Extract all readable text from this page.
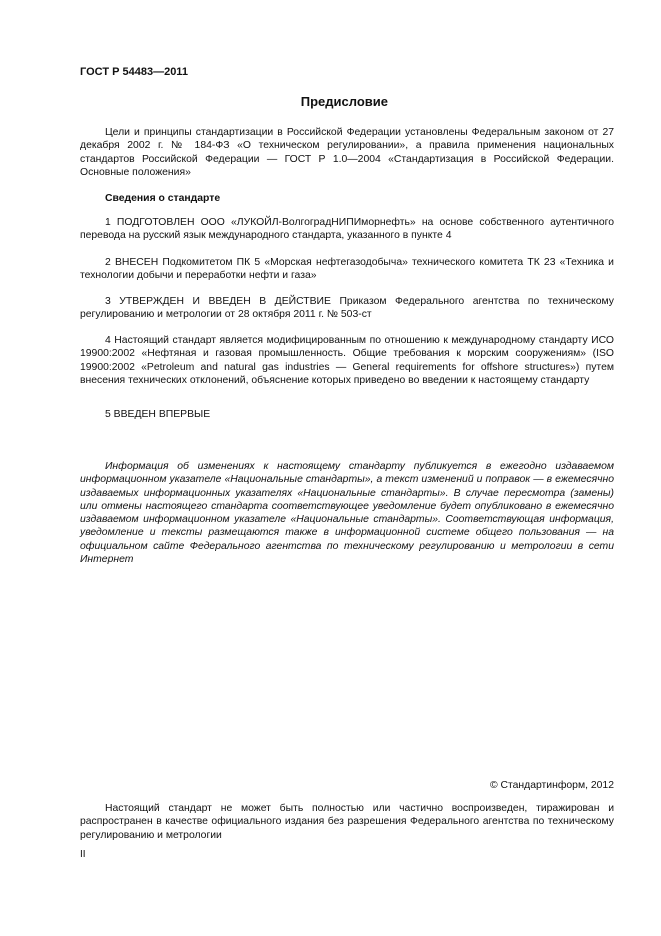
ГОСТ Р 54483—2011
Предисловие
Цели и принципы стандартизации в Российской Федерации установлены Федеральным законом от 27 декабря 2002 г. № 184-ФЗ «О техническом регулировании», а правила применения национальных стандартов Российской Федерации — ГОСТ Р 1.0—2004 «Стандартизация в Российской Федерации. Основные положения»
Сведения о стандарте
1 ПОДГОТОВЛЕН ООО «ЛУКОЙЛ-ВолгоградНИПИморнефть» на основе собственного аутентичного перевода на русский язык международного стандарта, указанного в пункте 4
2 ВНЕСЕН Подкомитетом ПК 5 «Морская нефтегазодобыча» технического комитета ТК 23 «Техника и технологии добычи и переработки нефти и газа»
3 УТВЕРЖДЕН И ВВЕДЕН В ДЕЙСТВИЕ Приказом Федерального агентства по техническому регулированию и метрологии от 28 октября 2011 г. № 503-ст
4 Настоящий стандарт является модифицированным по отношению к международному стандарту ИСО 19900:2002 «Нефтяная и газовая промышленность. Общие требования к морским сооружениям» (ISO 19900:2002 «Petroleum and natural gas industries — General requirements for offshore structures») путем внесения технических отклонений, объяснение которых приведено во введении к настоящему стандарту
5 ВВЕДЕН ВПЕРВЫЕ
Информация об изменениях к настоящему стандарту публикуется в ежегодно издаваемом информационном указателе «Национальные стандарты», а текст изменений и поправок — в ежемесячно издаваемых информационных указателях «Национальные стандарты». В случае пересмотра (замены) или отмены настоящего стандарта соответствующее уведомление будет опубликовано в ежемесячно издаваемом информационном указателе «Национальные стандарты». Соответствующая информация, уведомление и тексты размещаются также в информационной системе общего пользования — на официальном сайте Федерального агентства по техническому регулированию и метрологии в сети Интернет
© Стандартинформ, 2012
Настоящий стандарт не может быть полностью или частично воспроизведен, тиражирован и распространен в качестве официального издания без разрешения Федерального агентства по техническому регулированию и метрологии
II
